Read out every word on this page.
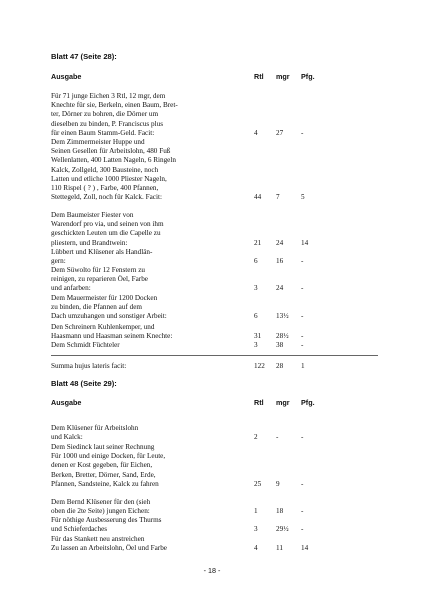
Blatt 47 (Seite 28):
Ausgabe	Rtl mgr Pfg.
Für 71 junge Eichen 3 Rtl, 12 mgr, dem
Knechte für sie, Berkeln, einen Baum, Bret-
ter, Dörner zu bohren, die Dörner um
dieselben zu binden, P. Franciscus plus
für einen Baum Stamm-Geld. Facit:	4	27 -
Dem Zimmermeister Huppe und
Seinen Gesellen für Arbeitslohn, 480 Fuß
Wellenlatten, 400 Latten Nageln, 6 Ringeln
Kalck, Zollgeld, 300 Bausteine, noch
Latten und etliche 1000 Pliester Nageln,
110 Rispel ( ? ) , Farbe, 400 Pfannen,
Stettegeld, Zoll, noch für Kalck. Facit:	44 7	5
Dem Baumeister Fiester von
Warendorf pro via, und seinen von ihm
geschickten Leuten um die Capelle zu
pliestern, und Brandtwein:	21 24 14
Lübbert und Klüsener als Handlän-
gern:	6	16 -
Dem Süwolto für 12 Fenstern zu
reinigen, zu reparieren Öel, Farbe
und anfarben:	3	24 -
Dem Mauermeister für 1200 Docken
zu binden, die Pfannen auf dem
Dach umzuhangen und sonstiger Arbeit:	6	13½ -
Den Schreinern Kuhlenkemper, und
Haasmann und Haasman seinem Knechte:	31 28½ -
Dem Schmidt Füchteler	3	38 -
Summa hujus lateris facit:	122 28 1
Blatt 48 (Seite 29):
Ausgabe	Rtl mgr Pfg.
Dem Klüsener für Arbeitslohn
und Kalck:	2	-	-
Dem Siedinck laut seiner Rechnung
Für 1000 und einige Docken, für Leute,
denen er Kost gegeben, für Eichen,
Berken, Bretter, Dörner, Sand, Erde,
Pfannen, Sandsteine, Kalck zu fahren	25 9	-
Dem Bernd Klüsener für den (sieh
oben die 2te Seite) jungen Eichen:	1	18 -
Für nöthige Ausbesserung des Thurms
und Schieferdaches	3	29½ -
Für das Stankett neu anstreichen
Zu lassen an Arbeitslohn, Öel und Farbe	4	11	14
- 18 -
